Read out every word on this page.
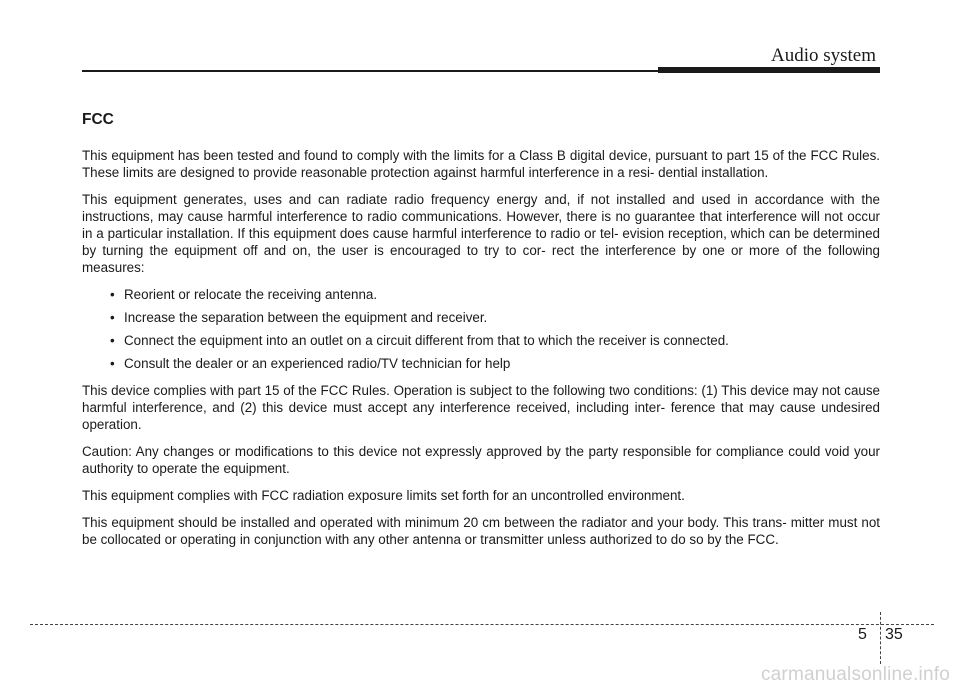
Audio system
FCC

This equipment has been tested and found to comply with the limits for a Class B digital device, pursuant to part 15 of the FCC Rules. These limits are designed to provide reasonable protection against harmful interference in a resi- dential installation.

This equipment generates, uses and can radiate radio frequency energy and, if not installed and used in accordance with the instructions, may cause harmful interference to radio communications. However, there is no guarantee that interference will not occur in a particular installation. If this equipment does cause harmful interference to radio or tel- evision reception, which can be determined by turning the equipment off and on, the user is encouraged to try to cor- rect the interference by one or more of the following measures:

• Reorient or relocate the receiving antenna.
• Increase the separation between the equipment and receiver.
• Connect the equipment into an outlet on a circuit different from that to which the receiver is connected.
• Consult the dealer or an experienced radio/TV technician for help

This device complies with part 15 of the FCC Rules. Operation is subject to the following two conditions: (1) This device may not cause harmful interference, and (2) this device must accept any interference received, including inter- ference that may cause undesired operation.

Caution: Any changes or modifications to this device not expressly approved by the party responsible for compliance could void your authority to operate the equipment.

This equipment complies with FCC radiation exposure limits set forth for an uncontrolled environment.

This equipment should be installed and operated with minimum 20 cm between the radiator and your body. This trans- mitter must not be collocated or operating in conjunction with any other antenna or transmitter unless authorized to do so by the FCC.

5 35
carmanualsonline.info
